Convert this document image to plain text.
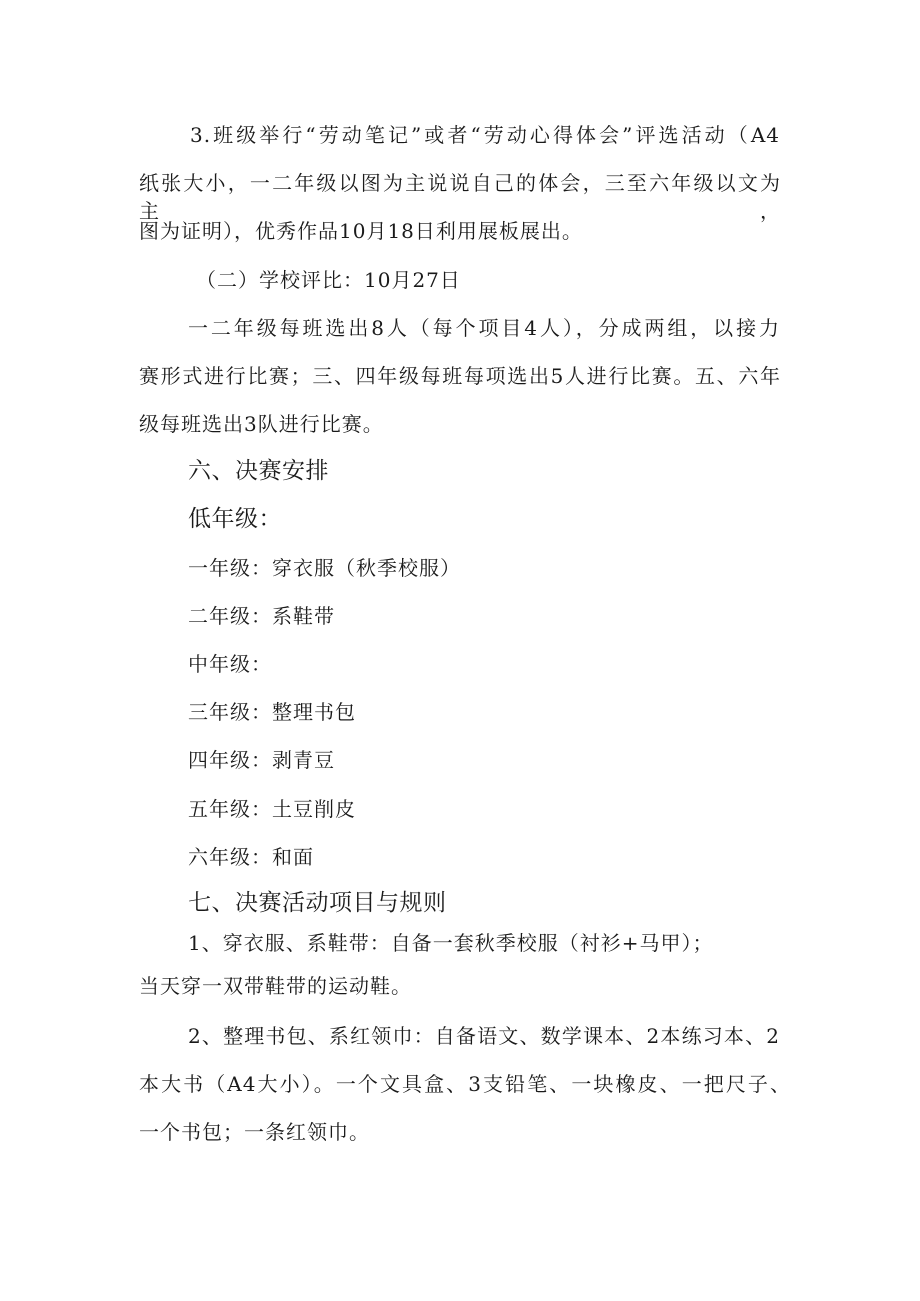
3.班级举行“劳动笔记”或者“劳动心得体会”评选活动（A4
纸张大小，一二年级以图为主说说自己的体会，三至六年级以文为主，
图为证明），优秀作品10月18日利用展板展出。
（二）学校评比：10月27日
一二年级每班选出8人（每个项目4人），分成两组，以接力
赛形式进行比赛；三、四年级每班每项选出5人进行比赛。五、六年
级每班选出3队进行比赛。
六、决赛安排
低年级：
一年级：穿衣服（秋季校服）
二年级：系鞋带
中年级：
三年级：整理书包
四年级：剥青豆
五年级：土豆削皮
六年级：和面
七、决赛活动项目与规则
1、穿衣服、系鞋带：自备一套秋季校服（衬衫+马甲）；
当天穿一双带鞋带的运动鞋。
2、整理书包、系红领巾：自备语文、数学课本、2本练习本、2
本大书（A4大小）。一个文具盒、3支铅笔、一块橡皮、一把尺子、
一个书包；一条红领巾。
